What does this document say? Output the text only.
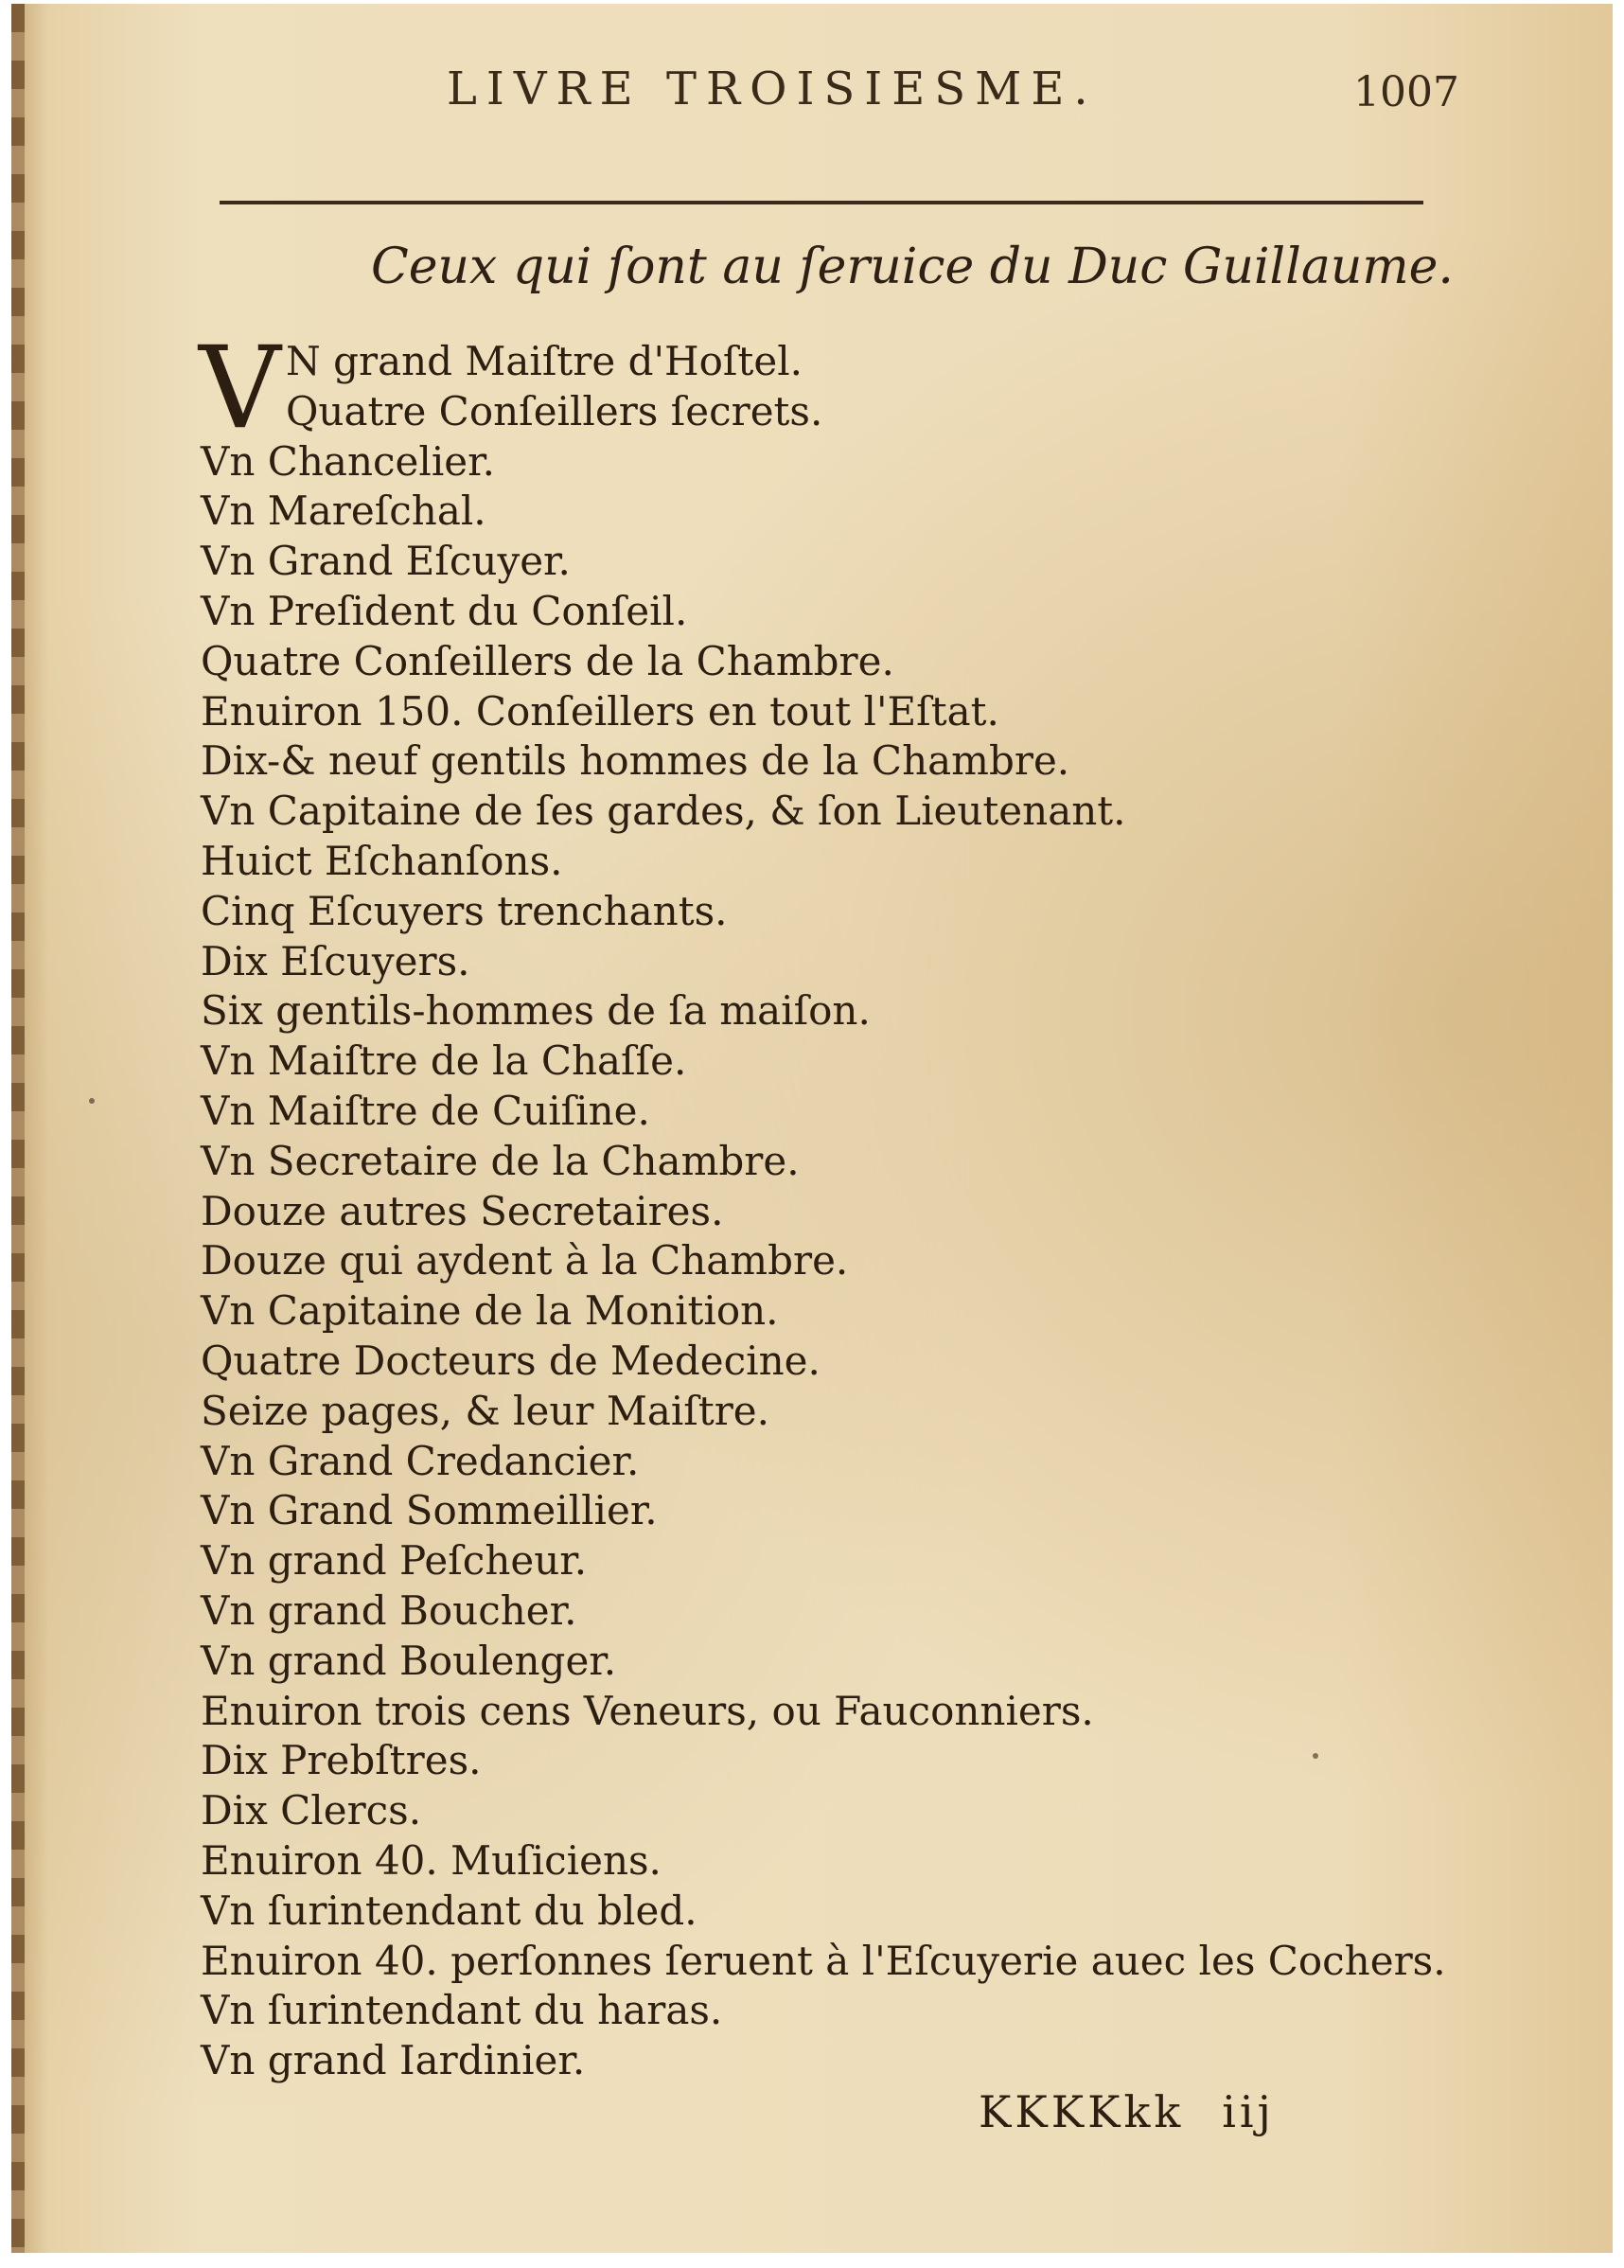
LIVRE TROISIESME.	1007
Ceux qui ſont au ſeruice du Duc Guillaume.
V N grand Maiſtre d'Hoſtel.
Quatre Conſeillers ſecrets.
Vn Chancelier.
Vn Mareſchal.
Vn Grand Eſcuyer.
Vn Preſident du Conſeil.
Quatre Conſeillers de la Chambre.
Enuiron 150. Conſeillers en tout l'Eſtat.
Dix-& neuf gentils hommes de la Chambre.
Vn Capitaine de ſes gardes, & ſon Lieutenant.
Huict Eſchanſons.
Cinq Eſcuyers trenchants.
Dix Eſcuyers.
Six gentils-hommes de ſa maiſon.
Vn Maiſtre de la Chaſſe.
Vn Maiſtre de Cuiſine.
Vn Secretaire de la Chambre.
Douze autres Secretaires.
Douze qui aydent à la Chambre.
Vn Capitaine de la Monition.
Quatre Docteurs de Medecine.
Seize pages, & leur Maiſtre.
Vn Grand Credancier.
Vn Grand Sommeillier.
Vn grand Peſcheur.
Vn grand Boucher.
Vn grand Boulenger.
Enuiron trois cens Veneurs, ou Fauconniers.
Dix Prebſtres.
Dix Clercs.
Enuiron 40. Muſiciens.
Vn ſurintendant du bled.
Enuiron 40. perſonnes ſeruent à l'Eſcuyerie auec les Cochers.
Vn ſurintendant du haras.
Vn grand Iardinier.
KKKKkk iij
